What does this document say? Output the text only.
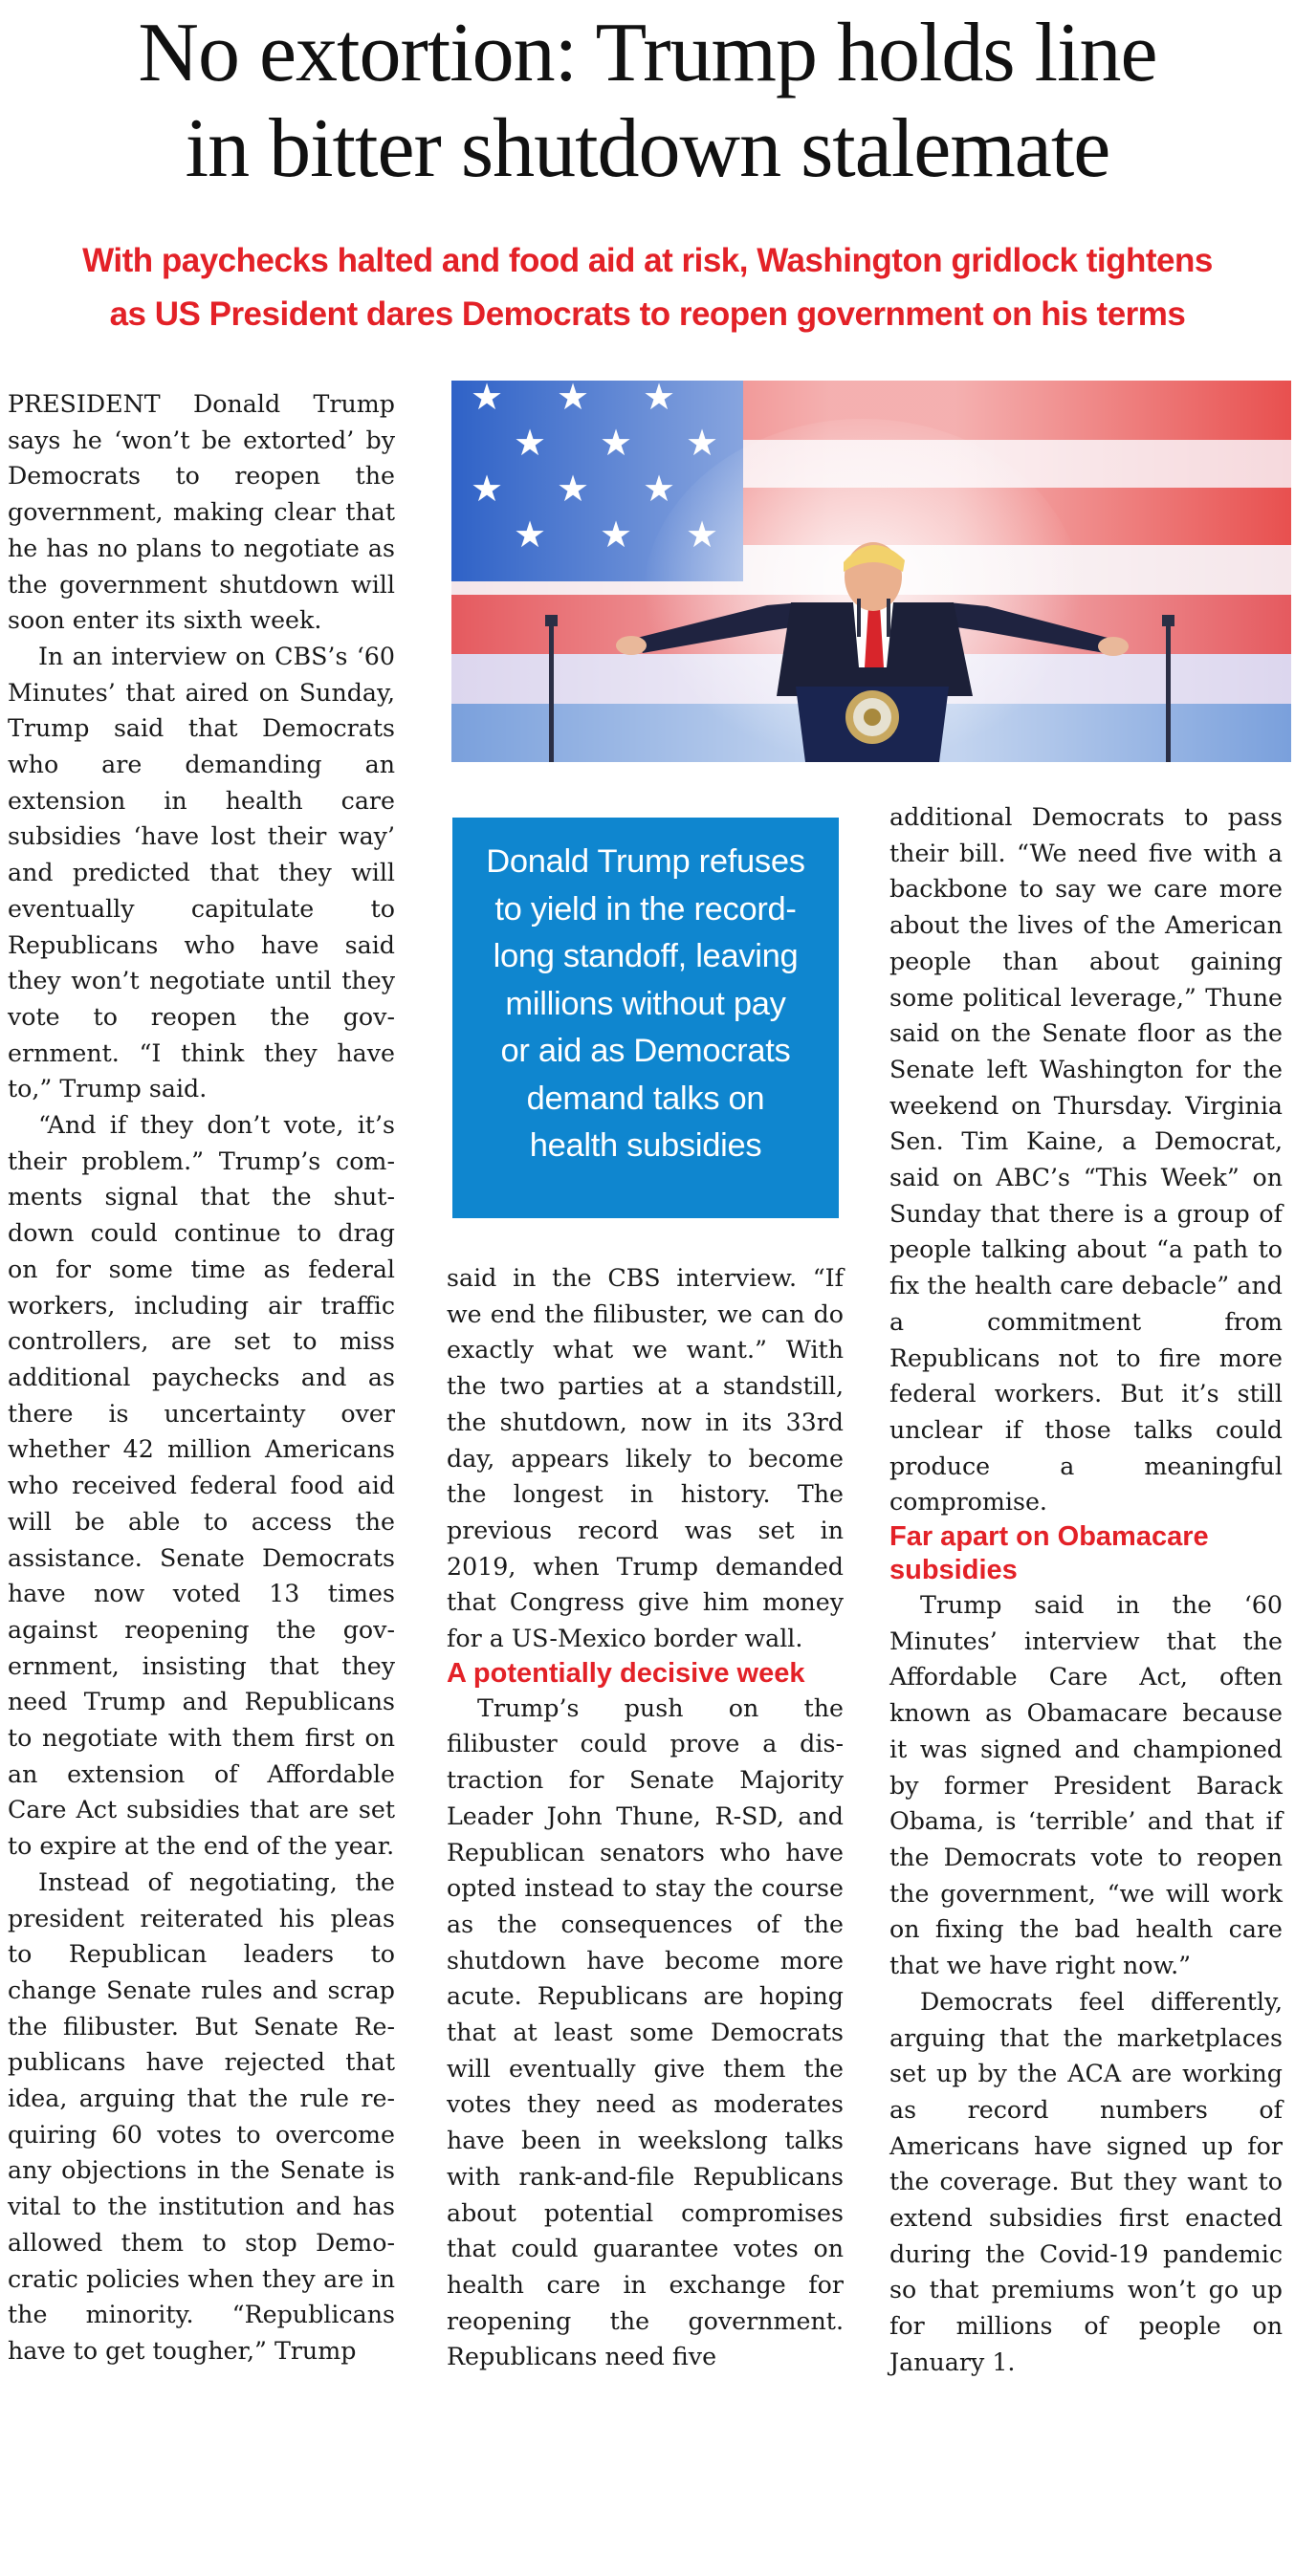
No extortion: Trump holds line
in bitter shutdown stalemate
With paychecks halted and food aid at risk, Washington gridlock tightens
as US President dares Democrats to reopen government on his terms
Donald Trump refuses
to yield in the record-
long standoff, leaving
millions without pay
or aid as Democrats
demand talks on
health subsidies

PRESIDENT Donald Trump says he ‘won’t be extorted’ by Democrats to reopen the government, making clear that he has no plans to negotiate as the government shutdown will soon enter its sixth week.

In an interview on CBS’s ‘60 Minutes’ that aired on Sunday, Trump said that Democrats who are demanding an extension in health care subsidies ‘have lost their way’ and predicted that they will eventually capitulate to Republicans who have said they won’t negotiate until they vote to reopen the government. “I think they have to,” Trump said.

“And if they don’t vote, it’s their problem.” Trump’s comments signal that the shutdown could continue to drag on for some time as federal workers, including air traffic controllers, are set to miss additional paychecks and as there is uncertainty over whether 42 million Americans who received federal food aid will be able to access the assistance. Senate Democrats have now voted 13 times against reopening the government, insisting that they need Trump and Republicans to negotiate with them first on an extension of Affordable Care Act subsidies that are set to expire at the end of the year.

Instead of negotiating, the president reiterated his pleas to Republican leaders to change Senate rules and scrap the filibuster. But Senate Republicans have rejected that idea, arguing that the rule requiring 60 votes to overcome any objections in the Senate is vital to the institution and has allowed them to stop Democratic policies when they are in the minority. “Republicans have to get tougher,” Trump

said in the CBS interview. “If we end the filibuster, we can do exactly what we want.” With the two parties at a standstill, the shutdown, now in its 33rd day, appears likely to become the longest in history. The previous record was set in 2019, when Trump demanded that Congress give him money for a US-Mexico border wall.

A potentially decisive week

Trump’s push on the filibuster could prove a distraction for Senate Majority Leader John Thune, R-SD, and Republican senators who have opted instead to stay the course as the consequences of the shutdown have become more acute. Republicans are hoping that at least some Democrats will eventually give them the votes they need as moderates have been in weekslong talks with rank-and-file Republicans about potential compromises that could guarantee votes on health care in exchange for reopening the government. Republicans need five

additional Democrats to pass their bill. “We need five with a backbone to say we care more about the lives of the American people than about gaining some political leverage,” Thune said on the Senate floor as the Senate left Washington for the weekend on Thursday. Virginia Sen. Tim Kaine, a Democrat, said on ABC’s “This Week” on Sunday that there is a group of people talking about “a path to fix the health care debacle” and a commitment from Republicans not to fire more federal workers. But it’s still unclear if those talks could produce a meaningful compromise.

Far apart on Obamacare subsidies

Trump said in the ‘60 Minutes’ interview that the Affordable Care Act, often known as Obamacare because it was signed and championed by former President Barack Obama, is ‘terrible’ and that if the Democrats vote to reopen the government, “we will work on fixing the bad health care that we have right now.”

Democrats feel differently, arguing that the marketplaces set up by the ACA are working as record numbers of Americans have signed up for the coverage. But they want to extend subsidies first enacted during the Covid-19 pandemic so that premiums won’t go up for millions of people on January 1.
